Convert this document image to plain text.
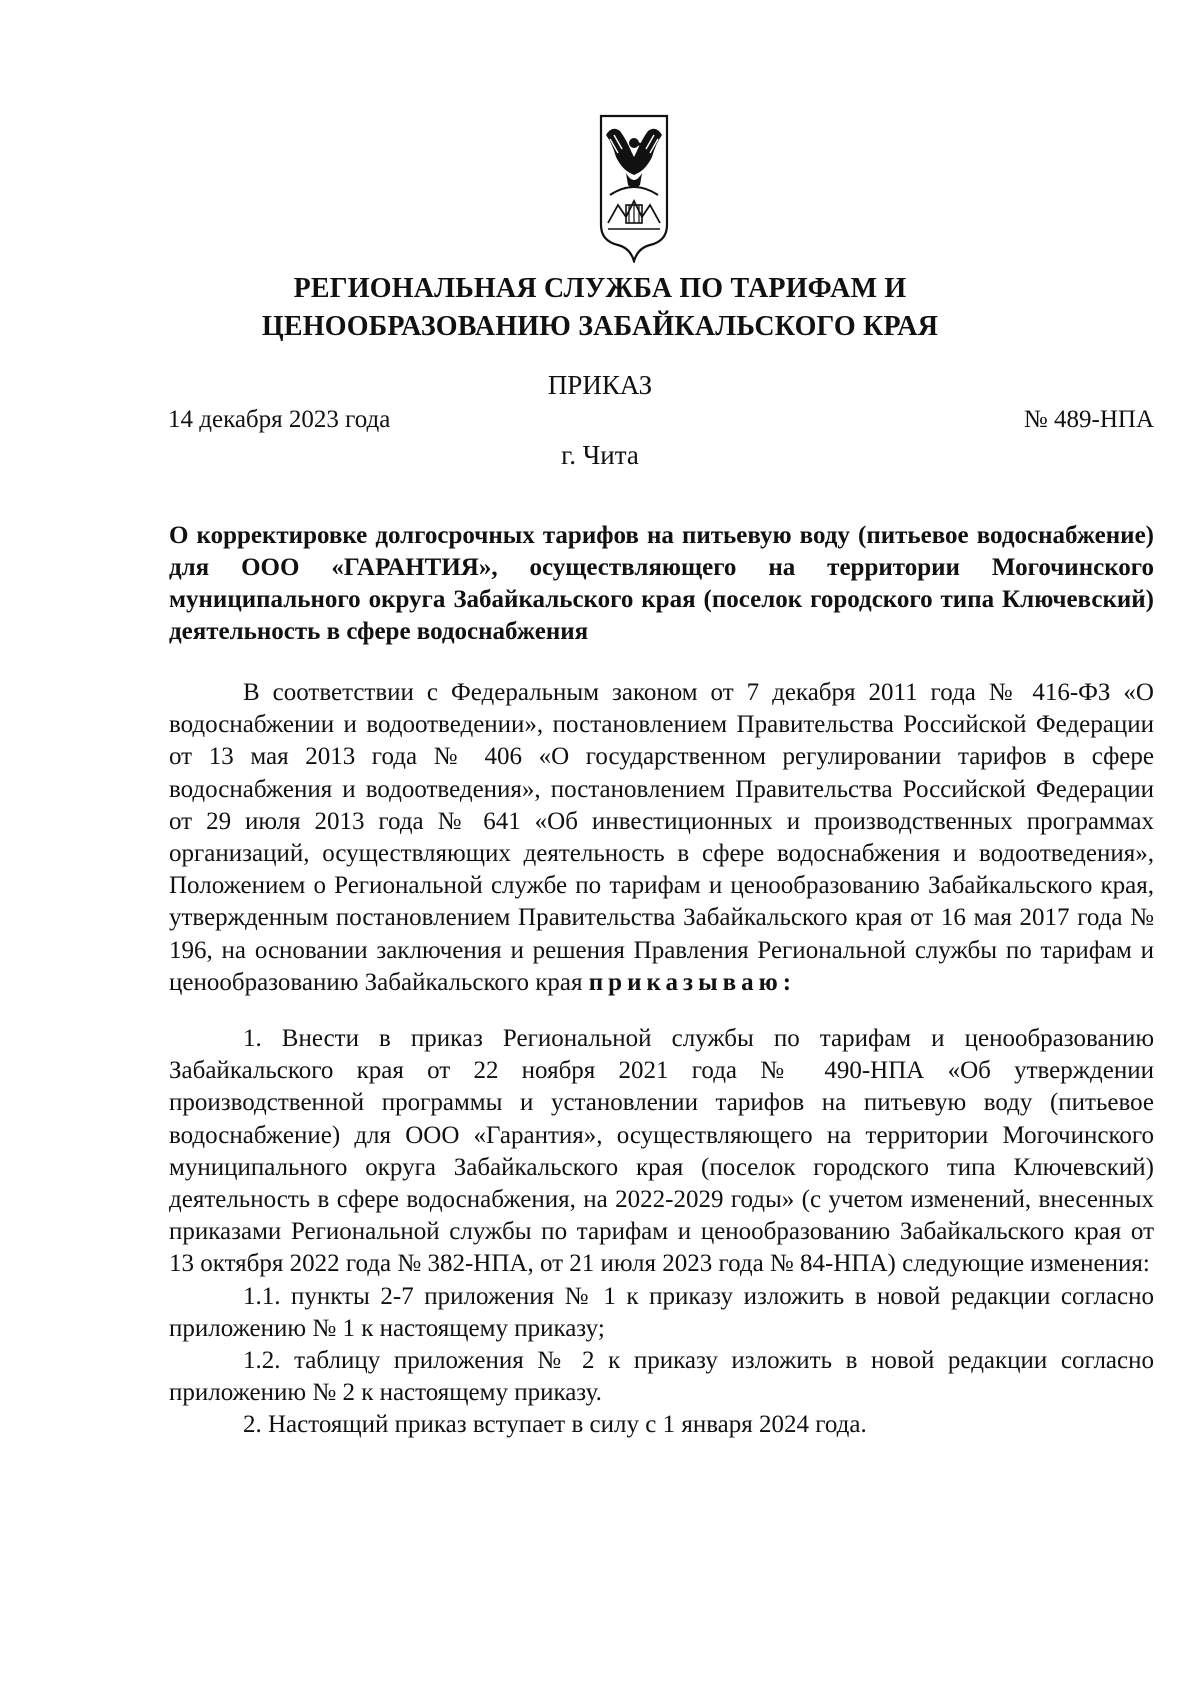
РЕГИОНАЛЬНАЯ СЛУЖБА ПО ТАРИФАМ И
ЦЕНООБРАЗОВАНИЮ ЗАБАЙКАЛЬСКОГО КРАЯ
ПРИКАЗ
14 декабря 2023 года	№ 489-НПА
г. Чита
О корректировке долгосрочных тарифов на питьевую воду (питьевое водоснабжение) для ООО «ГАРАНТИЯ», осуществляющего на территории Могочинского муниципального округа Забайкальского края (поселок городского типа Ключевский) деятельность в сфере водоснабжения

В соответствии с Федеральным законом от 7 декабря 2011 года № 416-ФЗ «О водоснабжении и водоотведении», постановлением Правительства Российской Федерации от 13 мая 2013 года № 406 «О государственном регулировании тарифов в сфере водоснабжения и водоотведения», постановлением Правительства Российской Федерации от 29 июля 2013 года № 641 «Об инвестиционных и производственных программах организаций, осуществляющих деятельность в сфере водоснабжения и водоотведения», Положением о Региональной службе по тарифам и ценообразованию Забайкальского края, утвержденным постановлением Правительства Забайкальского края от 16 мая 2017 года № 196, на основании заключения и решения Правления Региональной службы по тарифам и ценообразованию Забайкальского края приказываю:

1. Внести в приказ Региональной службы по тарифам и ценообразованию Забайкальского края от 22 ноября 2021 года № 490-НПА «Об утверждении производственной программы и установлении тарифов на питьевую воду (питьевое водоснабжение) для ООО «Гарантия», осуществляющего на территории Могочинского муниципального округа Забайкальского края (поселок городского типа Ключевский) деятельность в сфере водоснабжения, на 2022-2029 годы» (с учетом изменений, внесенных приказами Региональной службы по тарифам и ценообразованию Забайкальского края от 13 октября 2022 года № 382-НПА, от 21 июля 2023 года № 84-НПА) следующие изменения:

1.1. пункты 2-7 приложения № 1 к приказу изложить в новой редакции согласно приложению № 1 к настоящему приказу;

1.2. таблицу приложения № 2 к приказу изложить в новой редакции согласно приложению № 2 к настоящему приказу.

2. Настоящий приказ вступает в силу с 1 января 2024 года.
